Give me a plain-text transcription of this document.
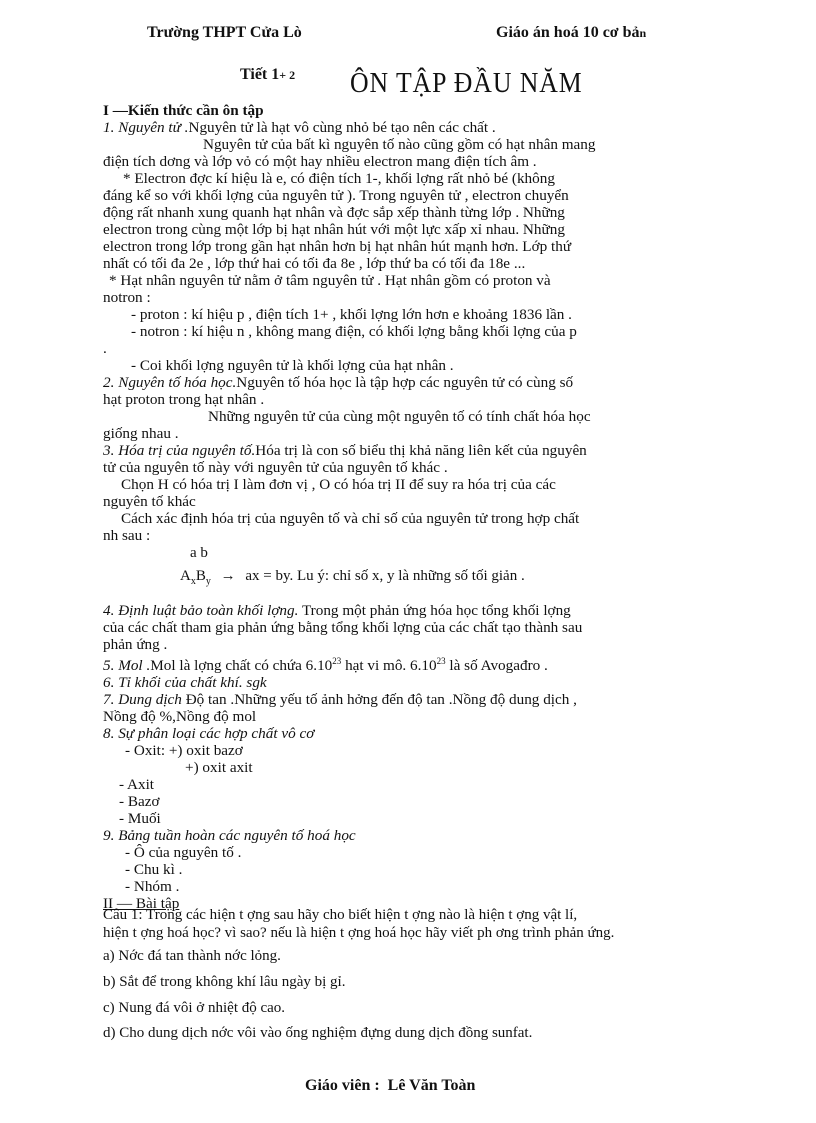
Trường THPT Cửa Lò	Giáo án hoá 10 cơ bản
Tiết 1+ 2 ÔN TẬP ĐẦU NĂM

I —Kiến thức cần ôn tập

1. Nguyên tử .Nguyên tử là hạt vô cùng nhỏ bé tạo nên các chất .

Nguyên tử của bất kì nguyên tố nào cũng gồm có hạt nhân mang

điện tích dơng và lớp vỏ có một hay nhiều electron mang điện tích âm .

* Electron đợc kí hiệu là e, có điện tích 1-, khối lợng rất nhỏ bé (không

đáng kể so với khối lợng của nguyên tử ). Trong nguyên tử , electron chuyển

động rất nhanh xung quanh hạt nhân và đợc sắp xếp thành từng lớp . Những

electron trong cùng một lớp bị hạt nhân hút với một lực xấp xỉ nhau. Những

electron trong lớp trong gần hạt nhân hơn bị hạt nhân hút mạnh hơn. Lớp thứ

nhất có tối đa 2e , lớp thứ hai có tối đa 8e , lớp thứ ba có tối đa 18e ...

* Hạt nhân nguyên tử nằm ở tâm nguyên tử . Hạt nhân gồm có proton và

notron :

- proton : kí hiệu p , điện tích 1+ , khối lợng lớn hơn e khoảng 1836 lần .

- notron : kí hiệu n , không mang điện, có khối lợng bằng khối lợng của p

.

- Coi khối lợng nguyên tử là khối lợng của hạt nhân .

2. Nguyên tố hóa học.Nguyên tố hóa học là tập hợp các nguyên tử có cùng số

hạt proton trong hạt nhân .

Những nguyên tử của cùng một nguyên tố có tính chất hóa học

giống nhau .

3. Hóa trị của nguyên tố.Hóa trị là con số biểu thị khả năng liên kết của nguyên

tử của nguyên tố này với nguyên tử của nguyên tố khác .

Chọn H có hóa trị I làm đơn vị , O có hóa trị II để suy ra hóa trị của các

nguyên tố khác

Cách xác định hóa trị của nguyên tố và chỉ số của nguyên tử trong hợp chất

nh sau :

a b
$A_xB_y$ → ax = by. Lu ý: chỉ số x, y là những số tối giản .

4. Định luật bảo toàn khối lợng. Trong một phản ứng hóa học tổng khối lợng

của các chất tham gia phản ứng bằng tổng khối lợng của các chất tạo thành sau

phản ứng .

5. Mol .Mol là lợng chất có chứa 6.10$^{23}$ hạt vi mô. 6.10$^{23}$ là số Avogađro .

6. Tỉ khối của chất khí. sgk

7. Dung dịch Độ tan .Những yếu tố ảnh hởng đến độ tan .Nồng độ dung dịch ,

Nồng độ %,Nồng độ mol

8. Sự phân loại các hợp chất vô cơ

- Oxit: +) oxit bazơ

+) oxit axit

- Axit

- Bazơ

- Muối

9. Bảng tuần hoàn các nguyên tố hoá học

- Ô của nguyên tố .

- Chu kì .

- Nhóm .

II — Bài tập

Câu 1: Trong các hiện t ợng sau hãy cho biết hiện t ợng nào là hiện t ợng vật lí,
hiện t ợng hoá học? vì sao? nếu là hiện t ợng hoá học hãy viết ph ơng trình phản ứng.
a) Nớc đá tan thành nớc lỏng.
b) Sắt để trong không khí lâu ngày bị gỉ.
c) Nung đá vôi ở nhiệt độ cao.
d) Cho dung dịch nớc vôi vào ống nghiệm đựng dung dịch đồng sunfat.
Giáo viên : Lê Văn Toàn
